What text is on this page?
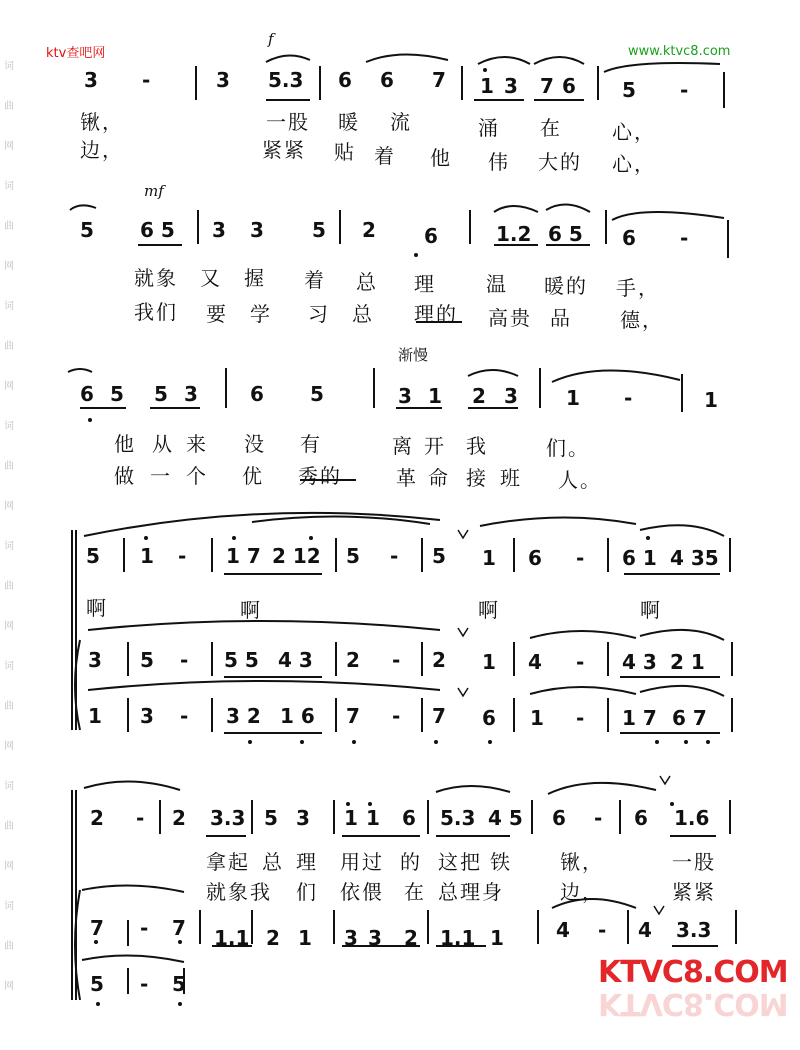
词
曲
网
词
曲
网
词
曲
网
词
曲
网
词
曲
网
词
曲
网
词
曲
网
词
曲
网
ktv查吧网	www.ktvc8.com
f
3 -	3 5.3 6 6 7 1 3 7 6 5 -
锹，	一股 暖 流	涌 在	心，
边，	紧紧 贴 着 他 伟 大的 心，
mf
5 6 5 3 3 5 2 6	1.2 6 5 6 -
就象 又 握 着 总 理	温 暖的 手，
我们 要 学 习 总 理的 高贵 品 德，
渐慢
6 5 5 3	6 5	3 1 2 3 1 -	1
他 从 来 没 有	离 开 我	们。
做 一 个 优 秀的	革 命 接 班 人。
5 1 - 1 7 2 12 5 - 5 1 6 - 6 1 4 35
啊	啊	啊	啊
3 5 - 5 5 4 3 2 - 2 1 4 - 4 3 2 1
1 3 - 3 2 1 6 7 - 7 6 1 - 1 7 6 7
2 - 2 3.3 5 3 1 1 6 5.3 4 5 6 - 6 1.6
拿起 总 理 用过 的 这把 铁 锹，	一股
就象我 们 依偎 在 总理身	边，	紧紧
7 - 7 1.1 2 1 3 3 2 1.1 1	4 - 4 3.3
5 - 5	KTVC8.COM
KTVC8.COM
